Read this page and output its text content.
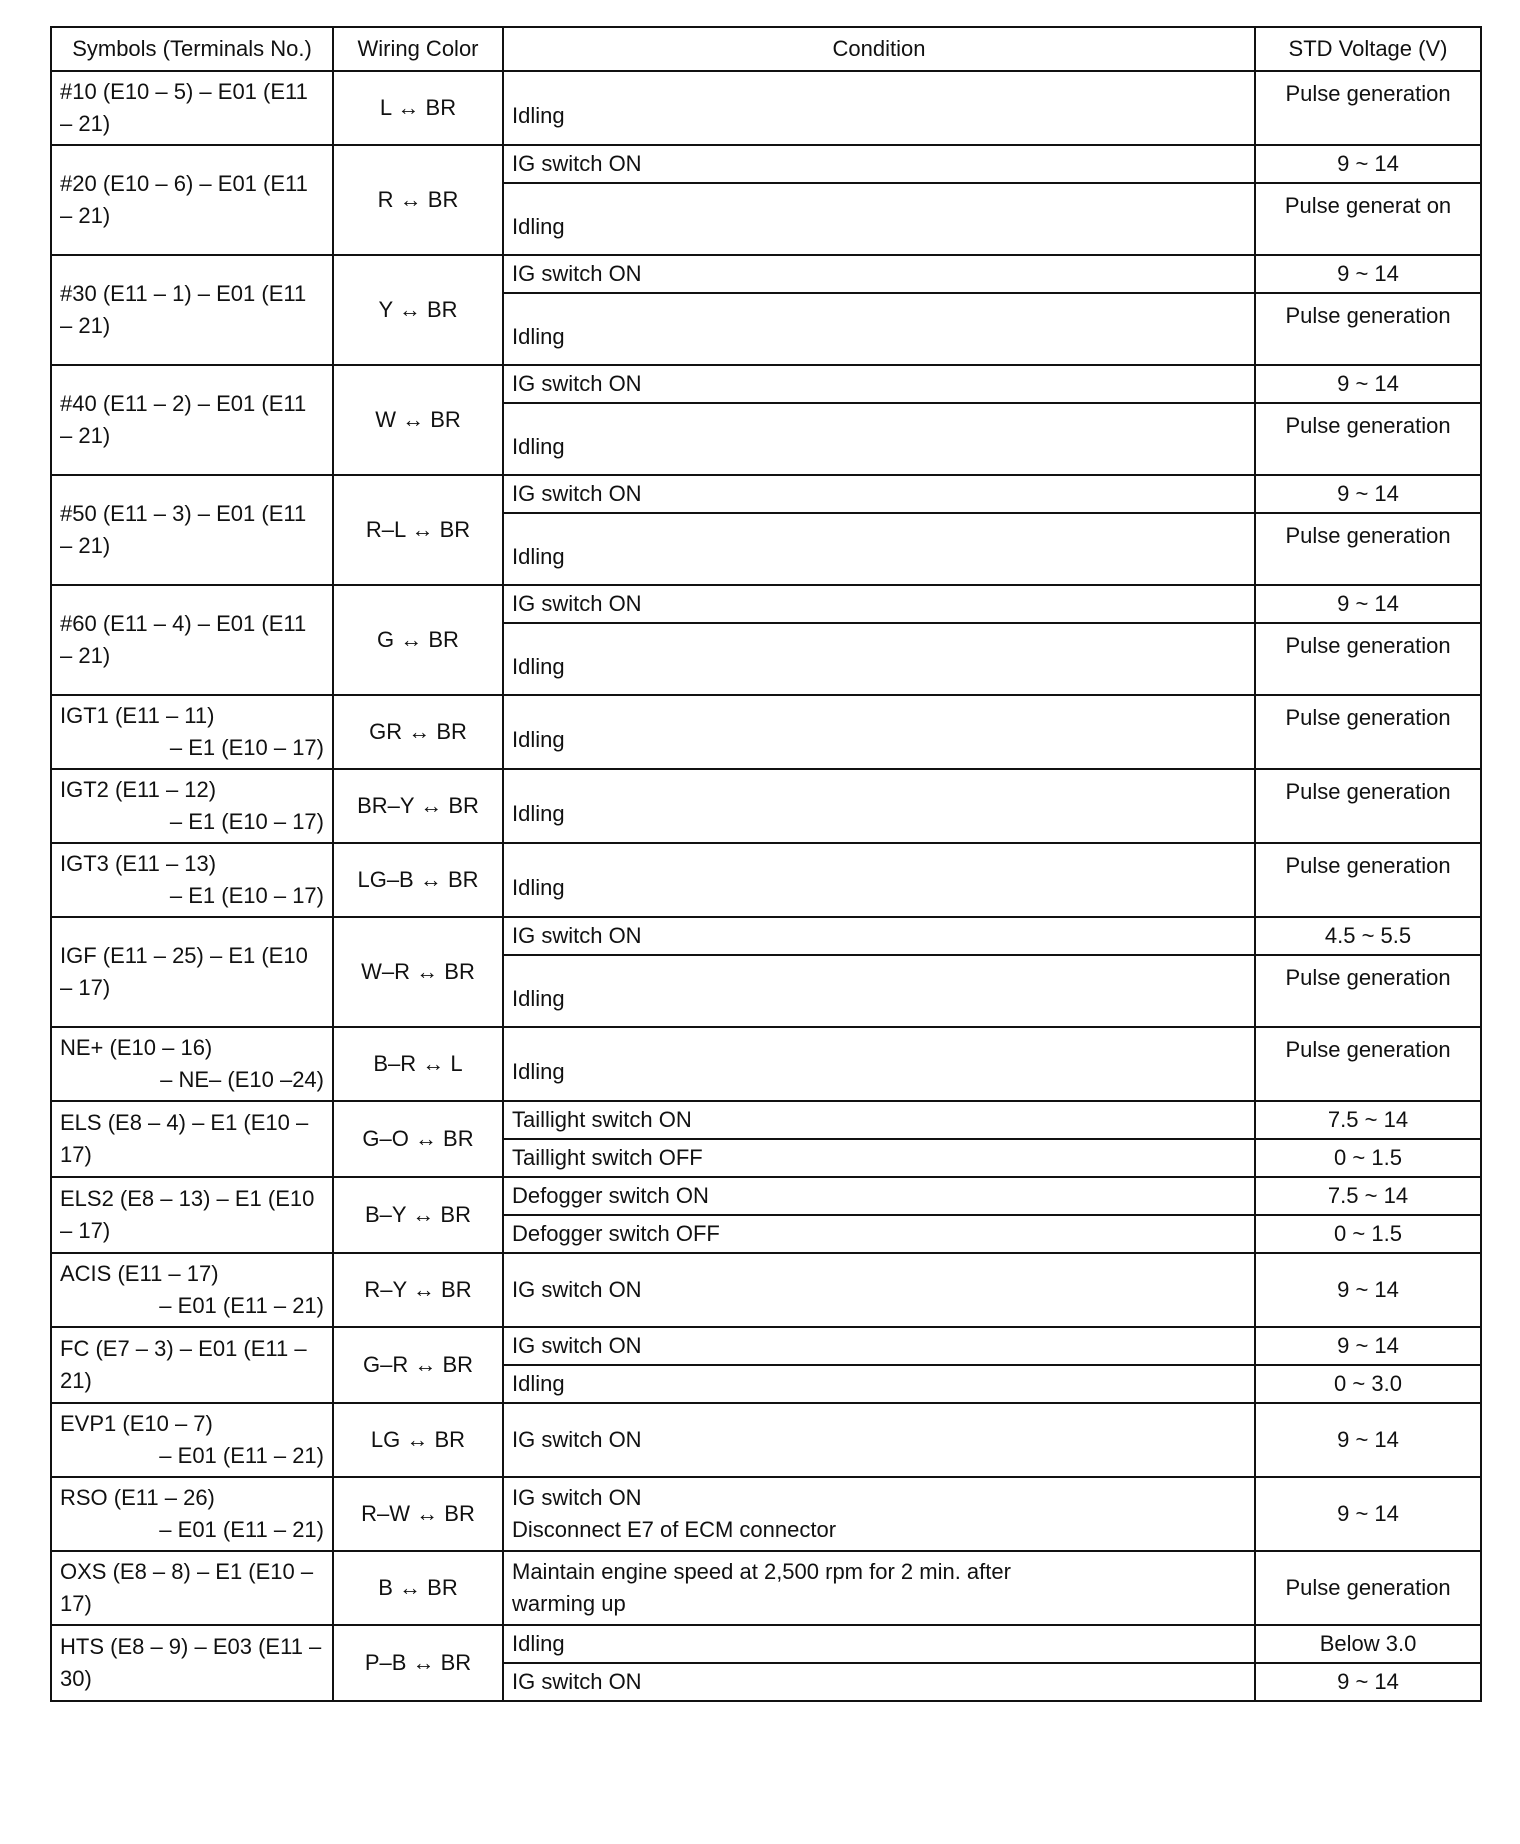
Symbols (Terminals No.)	Wiring Color	Condition	STD Voltage (V)

#10 (E10 – 5) – E01 (E11 – 21)	L ↔ BR	Idling	Pulse generation

#20 (E10 – 6) – E01 (E11 – 21)	R ↔ BR	IG switch ON	9 ~ 14
		Idling	Pulse generat on

#30 (E11 – 1) – E01 (E11 – 21)	Y ↔ BR	IG switch ON	9 ~ 14
		Idling	Pulse generation

#40 (E11 – 2) – E01 (E11 – 21)	W ↔ BR	IG switch ON	9 ~ 14
		Idling	Pulse generation

#50 (E11 – 3) – E01 (E11 – 21)	R–L ↔ BR	IG switch ON	9 ~ 14
		Idling	Pulse generation

#60 (E11 – 4) – E01 (E11 – 21)	G ↔ BR	IG switch ON	9 ~ 14
		Idling	Pulse generation

IGT1 (E11 – 11)
– E1 (E10 – 17)	GR ↔ BR	Idling	Pulse generation

IGT2 (E11 – 12)
– E1 (E10 – 17)	BR–Y ↔ BR	Idling	Pulse generation

IGT3 (E11 – 13)
– E1 (E10 – 17)	LG–B ↔ BR	Idling	Pulse generation

IGF (E11 – 25) – E1 (E10 – 17)	W–R ↔ BR	IG switch ON	4.5 ~ 5.5
		Idling	Pulse generation

NE+ (E10 – 16)
– NE– (E10 –24)	B–R ↔ L	Idling	Pulse generation

ELS (E8 – 4) – E1 (E10 – 17)	G–O ↔ BR	Taillight switch ON	7.5 ~ 14
		Taillight switch OFF	0 ~ 1.5

ELS2 (E8 – 13) – E1 (E10 – 17)	B–Y ↔ BR	Defogger switch ON	7.5 ~ 14
		Defogger switch OFF	0 ~ 1.5

ACIS (E11 – 17)
– E01 (E11 – 21)	R–Y ↔ BR	IG switch ON	9 ~ 14

FC (E7 – 3) – E01 (E11 – 21)	G–R ↔ BR	IG switch ON	9 ~ 14
		Idling	0 ~ 3.0

EVP1 (E10 – 7)
– E01 (E11 – 21)	LG ↔ BR	IG switch ON	9 ~ 14

RSO (E11 – 26)
– E01 (E11 – 21)	R–W ↔ BR	IG switch ON
Disconnect E7 of ECM connector	9 ~ 14

OXS (E8 – 8) – E1 (E10 – 17)	B ↔ BR	Maintain engine speed at 2,500 rpm for 2 min. after
warming up	Pulse generation

HTS (E8 – 9) – E03 (E11 – 30)	P–B ↔ BR	Idling	Below 3.0
		IG switch ON	9 ~ 14
